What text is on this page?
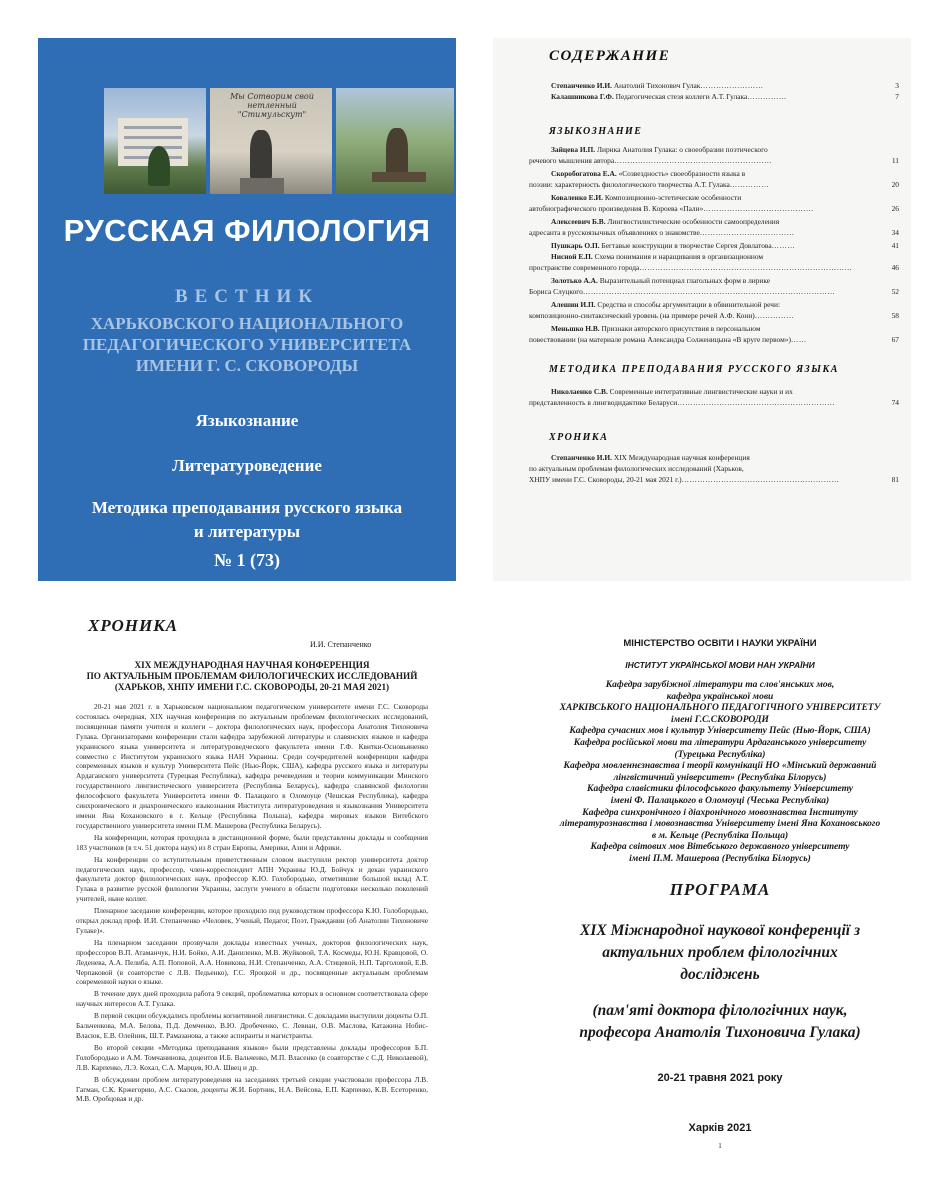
Мы Сотворим свой нетленный "Стимульскут"
РУССКАЯ ФИЛОЛОГИЯ
ВЕСТНИК
ХАРЬКОВСКОГО НАЦИОНАЛЬНОГО
ПЕДАГОГИЧЕСКОГО УНИВЕРСИТЕТА
ИМЕНИ Г. С. СКОВОРОДЫ
Языкознание
Литературоведение
Методика преподавания русского языка
и литературы
№ 1 (73)
СОДЕРЖАНИЕ
Степанченко И.И. Анатолий Тихонович Гулак……………………	3
Калашникова Г.Ф. Педагогическая стезя коллеги А.Т. Гулака……………	7
ЯЗЫКОЗНАНИЕ
Зайцева И.П. Лирика Анатолия Гулака: о своеобразии поэтического
речевого мышления автора……………………………………………………	11
Скоробогатова Е.А. «Созвездность» своеобразности языка в
поэзии: характерность филологического творчества А.Т. Гулака……………	20
Коваленко Е.И. Композиционно-эстетические особенности
автобиографического произведения В. Короева «Пали»……………………………………	26
Алексеевич Б.В. Лингвостилистические особенности самоопределения
адресанта в русскоязычных объявлениях о знакомстве………………………………	34
Пушкарь О.П. Бегтавые конструкции в творчестве Сергея Довлатова………	41
Нисной Е.П. Схема понимания и наращивания в организационном
пространстве современного города………………………………………………………………………	46
Золотько А.А. Выразительный потенциал глагольных форм в лирике
Бориса Слуцкого……………………………………………………………………………………	52
Алешин И.П. Средства и способы аргументации в обвинительной речи:
композиционно-синтаксический уровень (на примере речей А.Ф. Кони)……………	58
Меньшко Н.В. Признаки авторского присутствия в персональном
повествовании (на материале романа Александра Солженицына «В круге первом»)……	67
МЕТОДИКА ПРЕПОДАВАНИЯ РУССКОГО ЯЗЫКА
Николаенко С.В. Современные интегративные лингвистические науки и их
представленность в лингводидактике Беларуси……………………………………………………	74
ХРОНИКА
Степанченко И.И. XIX Международная научная конференция
по актуальным проблемам филологических исследований (Харьков,
ХНПУ имени Г.С. Сковороды, 20-21 мая 2021 г.)……………………………………………………	81
ХРОНИКА
И.И. Степанченко
XIX МЕЖДУНАРОДНАЯ НАУЧНАЯ КОНФЕРЕНЦИЯ
ПО АКТУАЛЬНЫМ ПРОБЛЕМАМ ФИЛОЛОГИЧЕСКИХ ИССЛЕДОВАНИЙ
(ХАРЬКОВ, ХНПУ ИМЕНИ Г.С. СКОВОРОДЫ, 20-21 МАЯ 2021)

20-21 мая 2021 г. в Харьковском национальном педагогическом университете имени Г.С. Сковороды состоялась очередная, XIX научная конференция по актуальным проблемам филологических исследований, посвященная памяти учителя и коллеги – доктора филологических наук, профессора Анатолия Тихоновича Гулака. Организаторами конференции стали кафедра зарубежной литературы и славянских языков и кафедра украинского языка университета и литературоведческого факультета имени Г.Ф. Квитки-Основьяненко совместно с Институтом украинского языка НАН Украины. Среди соучредителей конференции кафедра современных языков и культур Университета Пейс (Нью-Йорк, США), кафедра русского языка и литературы Ардаганского университета (Турецкая Республика), кафедра речеведения и теории коммуникации Минского государственного лингвистического университета (Республика Беларусь), кафедра славянской филологии философского факультета Университета имени Ф. Палацкого в Оломоуце (Чешская Республика), кафедра синхронического и диахронического языкознания Института литературоведения и языкознания Университета имени Яна Кохановского в г. Кельце (Республика Польша), кафедра мировых языков Витебского государственного университета имени П.М. Машерова (Республика Беларусь).

На конференции, которая проходила в дистанционной форме, были представлены доклады и сообщения 183 участников (в т.ч. 51 доктора наук) из 8 стран Европы, Америки, Азии и Африки.

На конференции со вступительным приветственным словом выступили ректор университета доктор педагогических наук, профессор, член-корреспондент АПН Украины Ю.Д. Бойчук и декан украинского факультета доктор филологических наук, профессор К.Ю. Голобородько, отметившие большой вклад А.Т. Гулака в развитие русской филологии Украины, заслуги ученого в области подготовки несколько поколений учителей, ныне коллег.

Пленарное заседание конференции, которое проходило под руководством профессора К.Ю. Голобородько, открыл доклад проф. И.И. Степанченко «Человек, Ученый, Педагог, Поэт, Гражданин (об Анатолии Тихоновиче Гулаке)».

На пленарном заседании прозвучали доклады известных ученых, докторов филологических наук, профессоров В.П. Атаманчук, Н.И. Бойко, А.И. Даниленко, М.В. Жуйковой, Т.А. Космеды, Ю.Н. Кравцовой, О. Леденева, А.А. Пелиба, А.П. Поповой, А.А. Новикова, Н.И. Степанченко, А.А. Стицевой, Н.П. Тарголовой, Е.В. Черпаковой (в соавторстве с Л.В. Педьенко), Г.С. Яроцкой и др., посвященные актуальным проблемам современной науки о языке.

В течение двух дней проходила работа 9 секций, проблематика которых в основном соответствовала сфере научных интересов А.Т. Гулака.

В первой секции обсуждались проблемы когнитивной лингвистики. С докладами выступили доценты О.П. Бальченкова, М.А. Белова, П.Д. Демченко, В.Ю. Дробеченко, С. Левиан, О.В. Маслова, Катажина Нобис-Власюк, Е.В. Олейник, Ш.Т. Рамазанова, а также аспиранты и магистранты.

Во второй секции «Методика преподавания языков» были представлены доклады профессоров Б.П. Голобородько и А.М. Томчанинова, доцентов И.Б. Вальченко, М.П. Власенко (в соавторстве с С.Д. Николаевой), Л.В. Карпенко, Л.Э. Кохал, С.А. Марцев, Ю.А. Швец и др.

В обсуждении проблем литературоведения на заседаниях третьей секции участвовали профессора Л.В. Гагман, С.К. Кржегорию, А.С. Скалов, доценты Ж.И. Бортник, Н.А. Вейсова, Е.П. Карпенко, К.В. Есеторенко, М.В. Оробцовая и др.

МІНІСТЕРСТВО ОСВІТИ І НАУКИ УКРАЇНИ
ІНСТИТУТ УКРАЇНСЬКОЇ МОВИ НАН УКРАЇНИ
Кафедра зарубіжної літератури та слов'янських мов,
кафедра української мови
ХАРКІВСЬКОГО НАЦІОНАЛЬНОГО ПЕДАГОГІЧНОГО УНІВЕРСИТЕТУ
імені Г.С.СКОВОРОДИ
Кафедра сучасних мов і культур Університету Пейс (Нью-Йорк, США)
Кафедра російської мови та літератури Ардаганського університету
(Турецька Республіка)
Кафедра мовленнєзнавства і теорії комунікації НО «Мінський державний
лінгвістичний університет» (Республіка Білорусь)
Кафедра славістики філософського факультету Університету
імені Ф. Палацького в Оломоуці (Чеська Республіка)
Кафедра синхронічного і діахронічного мовознавства Інституту
літературознавства і мовознавства Університету імені Яна Кохановського
в м. Кельце (Республіка Польща)
Кафедра світових мов Вітебського державного університету
імені П.М. Машерова (Республіка Білорусь)
ПРОГРАМА
XIX Міжнародної наукової конференції з
актуальних проблем філологічних
досліджень
(пам'яті доктора філологічних наук,
професора Анатолія Тихоновича Гулака)
20-21 травня 2021 року
Харків 2021
1
